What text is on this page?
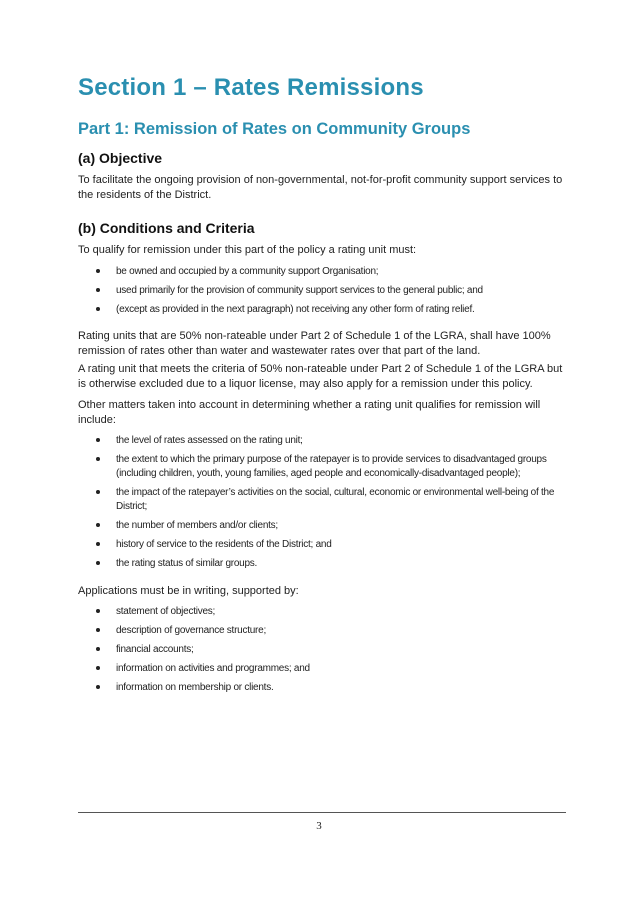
Section 1 – Rates Remissions
Part 1: Remission of Rates on Community Groups
(a) Objective

To facilitate the ongoing provision of non-governmental, not-for-profit community support services to the residents of the District.

(b) Conditions and Criteria

To qualify for remission under this part of the policy a rating unit must:

be owned and occupied by a community support Organisation;
used primarily for the provision of community support services to the general public; and
(except as provided in the next paragraph) not receiving any other form of rating relief.

Rating units that are 50% non-rateable under Part 2 of Schedule 1 of the LGRA, shall have 100% remission of rates other than water and wastewater rates over that part of the land.

A rating unit that meets the criteria of 50% non-rateable under Part 2 of Schedule 1 of the LGRA but is otherwise excluded due to a liquor license, may also apply for a remission under this policy.

Other matters taken into account in determining whether a rating unit qualifies for remission will include:

the level of rates assessed on the rating unit;
the extent to which the primary purpose of the ratepayer is to provide services to disadvantaged groups (including children, youth, young families, aged people and economically-disadvantaged people);
the impact of the ratepayer’s activities on the social, cultural, economic or environmental well-being of the District;
the number of members and/or clients;
history of service to the residents of the District; and
the rating status of similar groups.

Applications must be in writing, supported by:

statement of objectives;
description of governance structure;
financial accounts;
information on activities and programmes; and
information on membership or clients.
3
